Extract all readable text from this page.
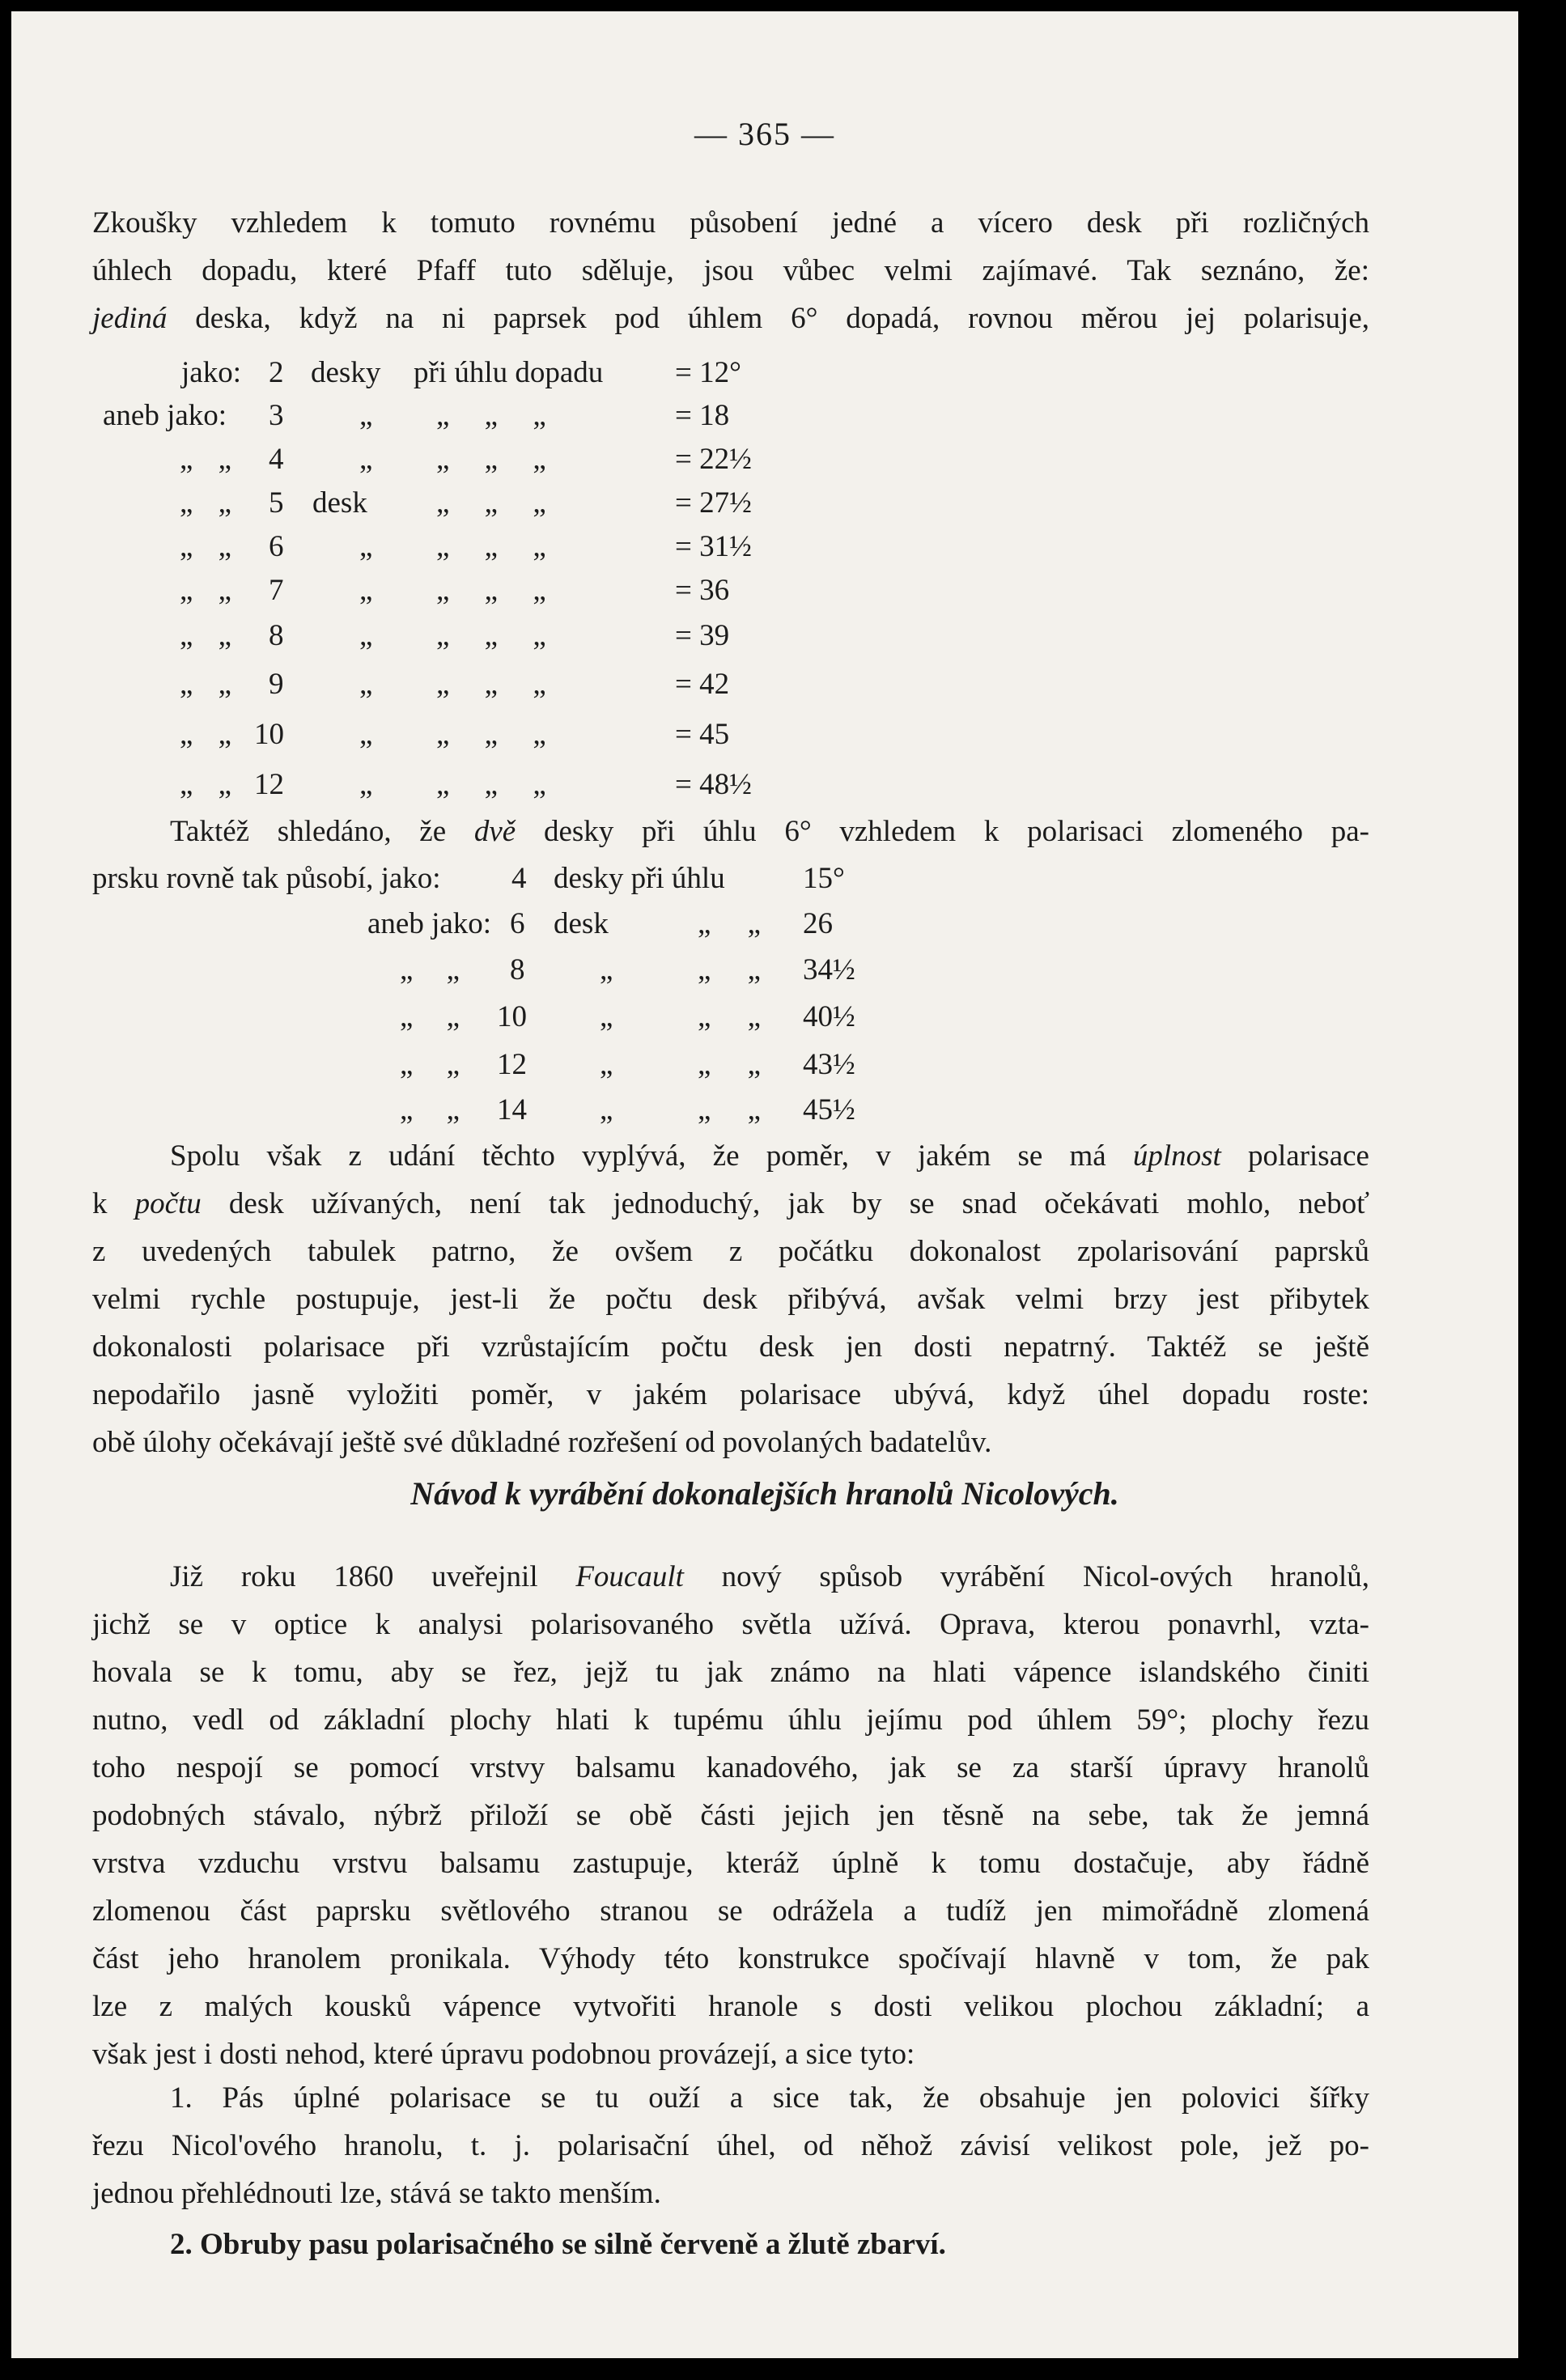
— 365 —
Zkoušky vzhledem k tomuto rovnému působení jedné a vícero desk při rozličných
úhlech dopadu, které Pfaff tuto sděluje, jsou vůbec velmi zajímavé. Tak seznáno, že:
jediná deska, když na ni paprsek pod úhlem 6° dopadá, rovnou měrou jej polarisuje,
jako: 2 desky při úhlu dopadu = 12°
aneb jako: 3	„ „ „ „	= 18
„ „ 4	„ „ „ „	= 22½
„ „ 5 desk „ „ „	= 27½
„ „ 6	„ „ „ „	= 31½
„ „ 7	„ „ „ „	= 36
„ „ 8	„ „ „ „	= 39
„ „ 9	„ „ „ „	= 42
„ „ 10	„ „ „ „	= 45
„ „ 12	„ „ „ „	= 48½
Taktéž shledáno, že dvě desky při úhlu 6° vzhledem k polarisaci zlomeného pa-
prsku rovně tak působí, jako: 4 desky při úhlu	15°
aneb jako: 6 desk	„ „ 26
„ „ 8	„	„ „ 34½
„ „ 10 „	„ „ 40½
„ „ 12 „	„ „ 43½
„ „ 14 „	„ „ 45½
Spolu však z udání těchto vyplývá, že poměr, v jakém se má úplnost polarisace
k počtu desk užívaných, není tak jednoduchý, jak by se snad očekávati mohlo, neboť
z uvedených tabulek patrno, že ovšem z počátku dokonalost zpolarisování paprsků
velmi rychle postupuje, jest-li že počtu desk přibývá, avšak velmi brzy jest přibytek
dokonalosti polarisace při vzrůstajícím počtu desk jen dosti nepatrný. Taktéž se ještě
nepodařilo jasně vyložiti poměr, v jakém polarisace ubývá, když úhel dopadu roste:
obě úlohy očekávají ještě své důkladné rozřešení od povolaných badatelův.
Návod k vyrábění dokonalejších hranolů Nicolových.
Již roku 1860 uveřejnil Foucault nový spůsob vyrábění Nicol-ových hranolů,
jichž se v optice k analysi polarisovaného světla užívá. Oprava, kterou ponavrhl, vzta-
hovala se k tomu, aby se řez, jejž tu jak známo na hlati vápence islandského činiti
nutno, vedl od základní plochy hlati k tupému úhlu jejímu pod úhlem 59°; plochy řezu
toho nespojí se pomocí vrstvy balsamu kanadového, jak se za starší úpravy hranolů
podobných stávalo, nýbrž přiloží se obě části jejich jen těsně na sebe, tak že jemná
vrstva vzduchu vrstvu balsamu zastupuje, kteráž úplně k tomu dostačuje, aby řádně
zlomenou část paprsku světlového stranou se odrážela a tudíž jen mimořádně zlomená
část jeho hranolem pronikala. Výhody této konstrukce spočívají hlavně v tom, že pak
lze z malých kousků vápence vytvořiti hranole s dosti velikou plochou základní; a
však jest i dosti nehod, které úpravu podobnou provázejí, a sice tyto:
1. Pás úplné polarisace se tu ouží a sice tak, že obsahuje jen polovici šířky
řezu Nicol'ového hranolu, t. j. polarisační úhel, od něhož závisí velikost pole, jež po-
jednou přehlédnouti lze, stává se takto menším.
2. Obruby pasu polarisačného se silně červeně a žlutě zbarví.
